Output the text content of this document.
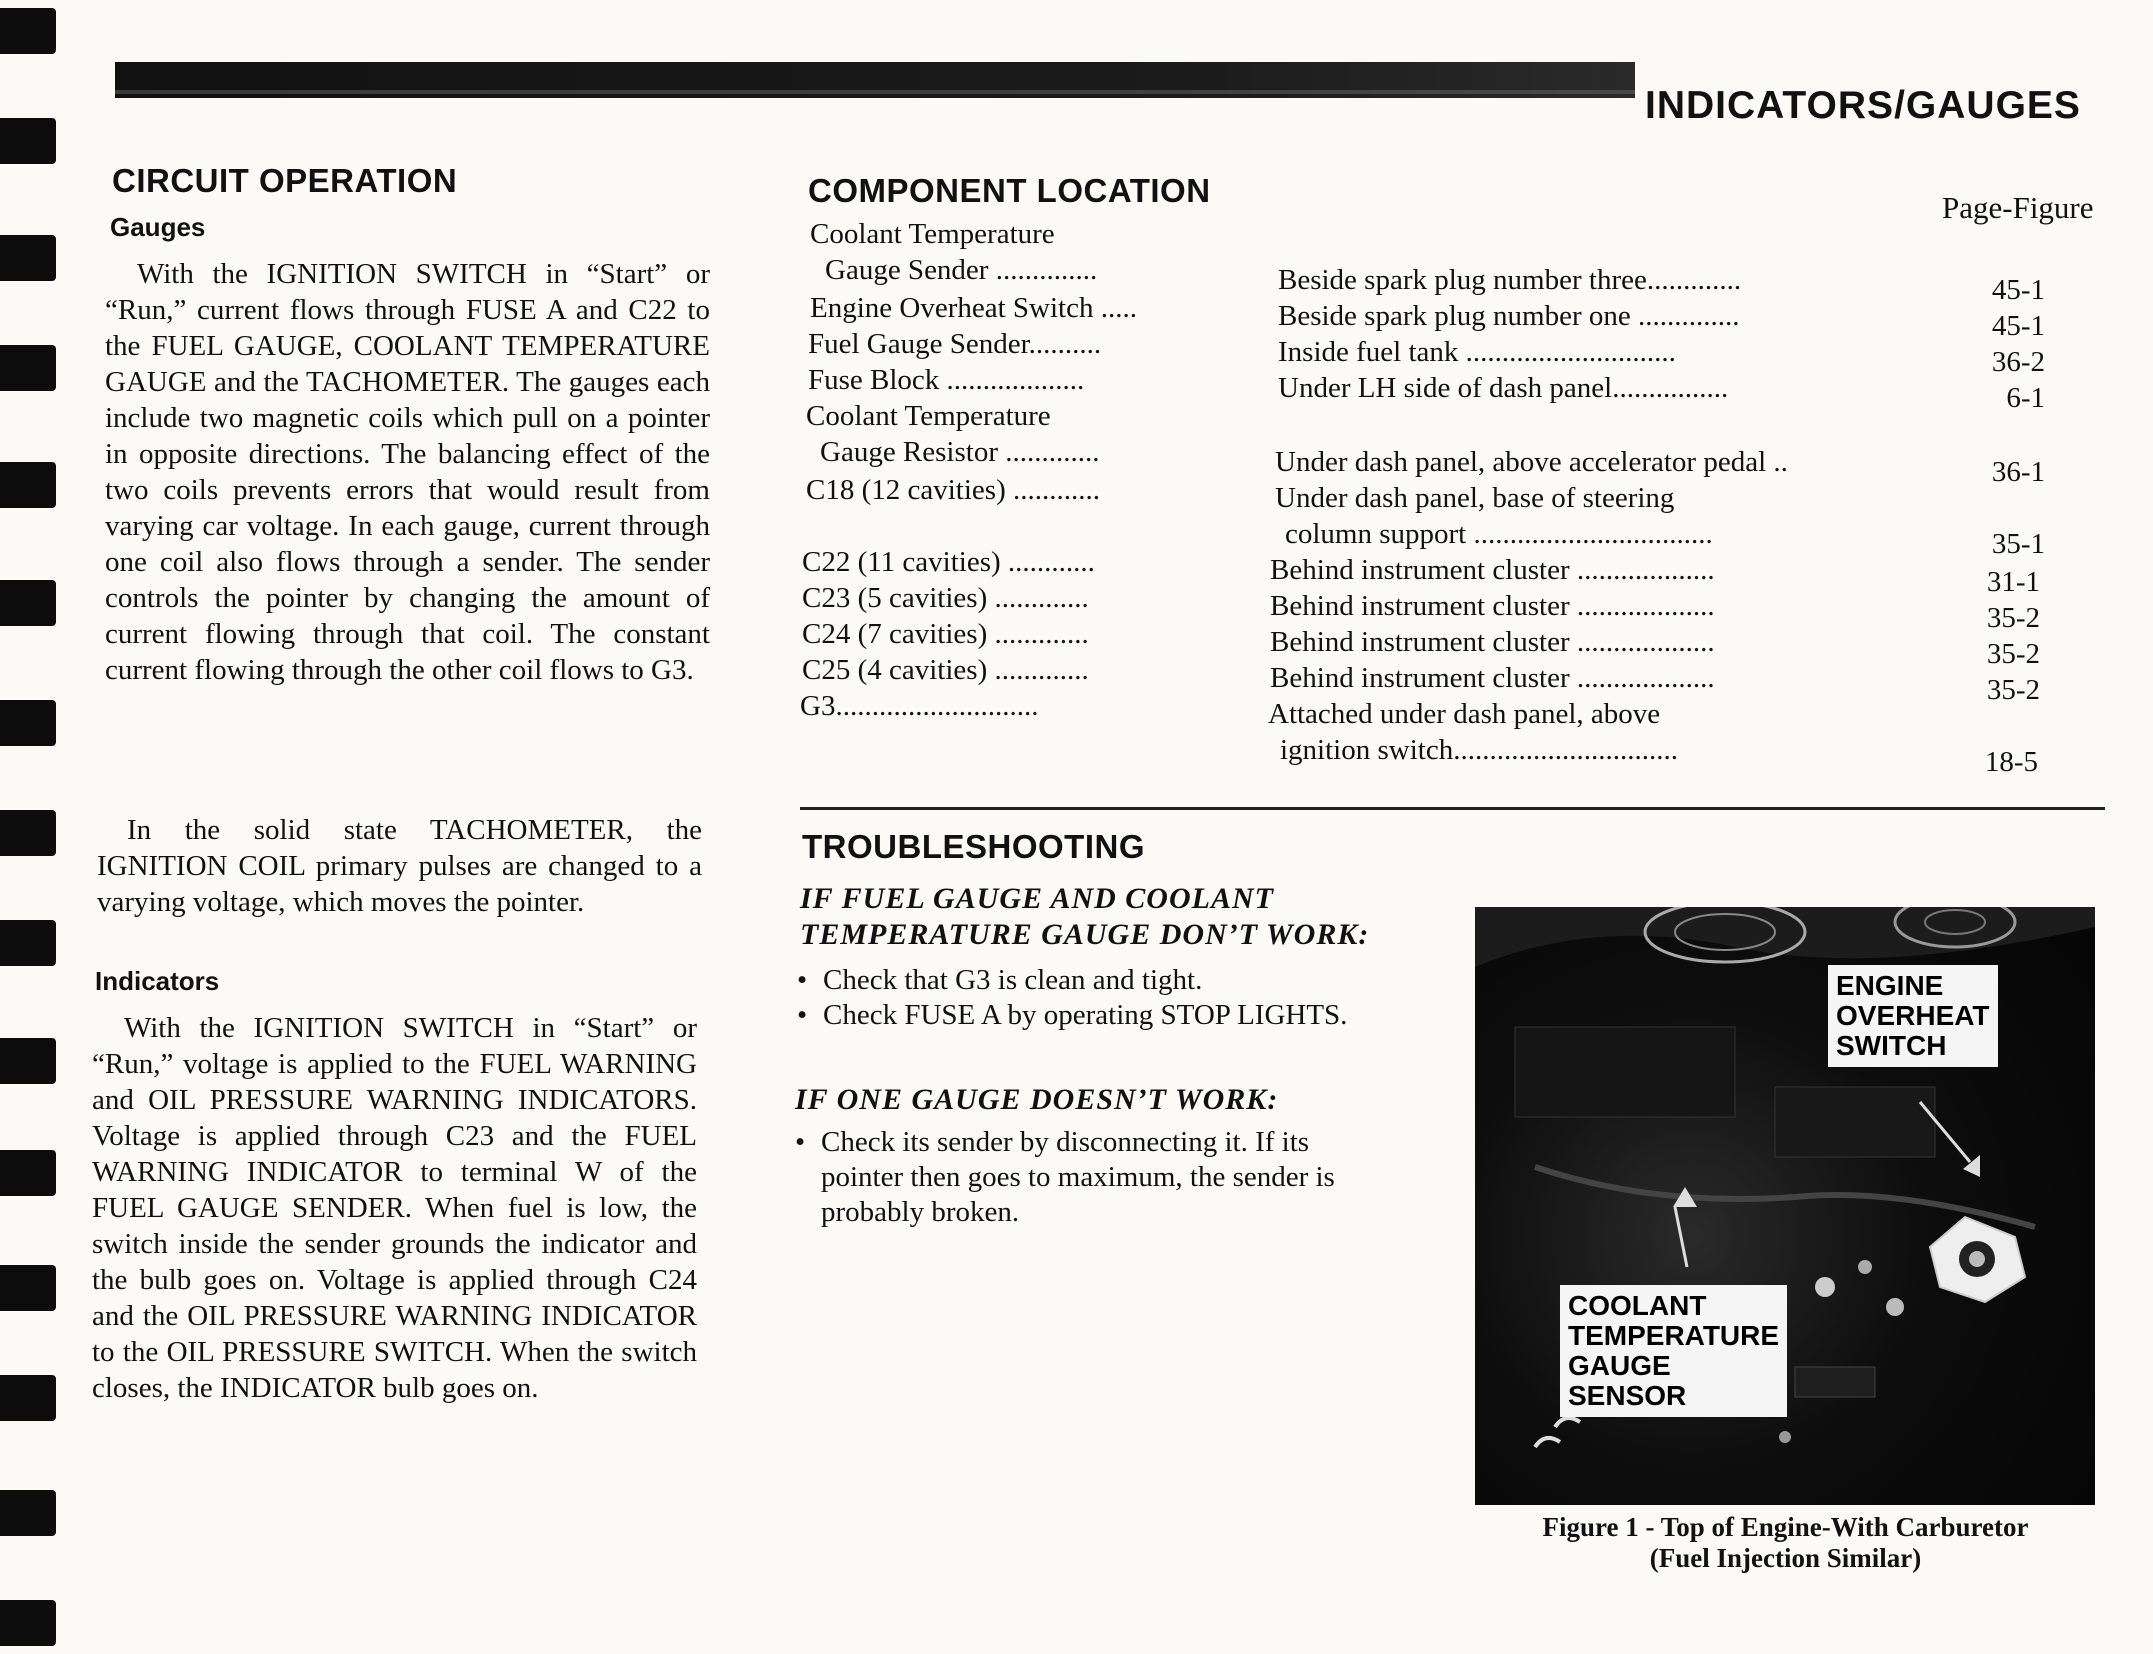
INDICATORS/GAUGES
CIRCUIT OPERATION
Gauges
With the IGNITION SWITCH in “Start” or “Run,” current flows through FUSE A and C22 to the FUEL GAUGE, COOLANT TEMPERATURE GAUGE and the TACHOMETER. The gauges each include two magnetic coils which pull on a pointer in opposite directions. The balancing effect of the two coils prevents errors that would result from varying car voltage. In each gauge, current through one coil also flows through a sender. The sender controls the pointer by changing the amount of current flowing through that coil. The constant current flowing through the other coil flows to G3.
In the solid state TACHOMETER, the IGNITION COIL primary pulses are changed to a varying voltage, which moves the pointer.
Indicators
With the IGNITION SWITCH in “Start” or “Run,” voltage is applied to the FUEL WARNING and OIL PRESSURE WARNING INDICATORS. Voltage is applied through C23 and the FUEL WARNING INDICATOR to terminal W of the FUEL GAUGE SENDER. When fuel is low, the switch inside the sender grounds the indicator and the bulb goes on. Voltage is applied through C24 and the OIL PRESSURE WARNING INDICATOR to the OIL PRESSURE SWITCH. When the switch closes, the INDICATOR bulb goes on.
COMPONENT LOCATION	Page-Figure
Coolant Temperature
Gauge Sender ..............	Beside spark plug number three.............	45-1
Engine Overheat Switch .....	Beside spark plug number one ..............	45-1
Fuel Gauge Sender..........	Inside fuel tank .............................	36-2
Fuse Block ...................	Under LH side of dash panel................	6-1
Coolant Temperature
Gauge Resistor .............	Under dash panel, above accelerator pedal ..	36-1
C18 (12 cavities) ............	Under dash panel, base of steering
column support .................................	35-1
C22 (11 cavities) ............	Behind instrument cluster ...................	31-1
C23 (5 cavities) .............	Behind instrument cluster ...................	35-2
C24 (7 cavities) .............	Behind instrument cluster ...................	35-2
C25 (4 cavities) .............	Behind instrument cluster ...................	35-2
G3............................	Attached under dash panel, above
ignition switch...............................	18-5
TROUBLESHOOTING
IF FUEL GAUGE AND COOLANT
TEMPERATURE GAUGE DON’T WORK:
• Check that G3 is clean and tight.
• Check FUSE A by operating STOP LIGHTS.
IF ONE GAUGE DOESN’T WORK:
• Check its sender by disconnecting it. If its pointer then goes to maximum, the sender is probably broken.
ENGINE
OVERHEAT
SWITCH
COOLANT
TEMPERATURE
GAUGE
SENSOR
Figure 1 - Top of Engine-With Carburetor
(Fuel Injection Similar)
